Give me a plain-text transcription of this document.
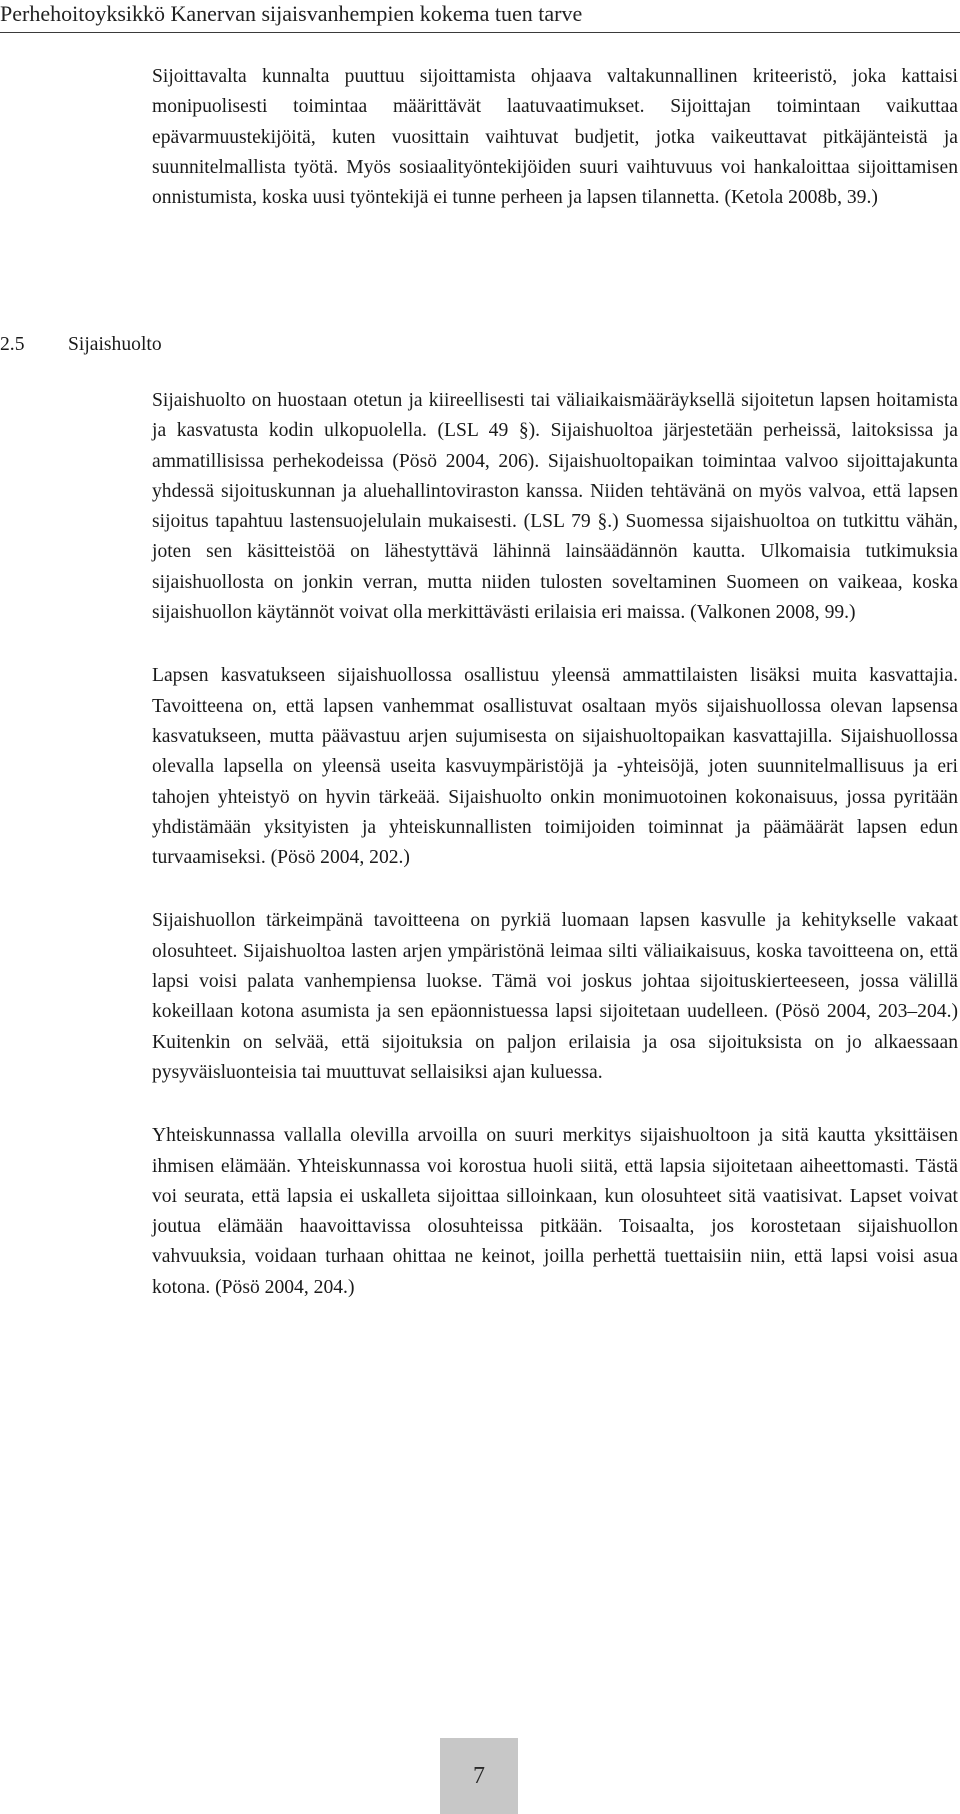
Perhehoitoyksikkö Kanervan sijaisvanhempien kokema tuen tarve

Sijoittavalta kunnalta puuttuu sijoittamista ohjaava valtakunnallinen kriteeristö, joka kattaisi monipuolisesti toimintaa määrittävät laatuvaatimukset. Sijoittajan toimintaan vaikuttaa epävarmuustekijöitä, kuten vuosittain vaihtuvat budjetit, jotka vaikeuttavat pitkäjänteistä ja suunnitelmallista työtä. Myös sosiaalityöntekijöiden suuri vaihtuvuus voi hankaloittaa sijoittamisen onnistumista, koska uusi työntekijä ei tunne perheen ja lapsen tilannetta. (Ketola 2008b, 39.)

2.5 Sijaishuolto

Sijaishuolto on huostaan otetun ja kiireellisesti tai väliaikaismääräyksellä sijoitetun lapsen hoitamista ja kasvatusta kodin ulkopuolella. (LSL 49 §). Sijaishuoltoa järjestetään perheissä, laitoksissa ja ammatillisissa perhekodeissa (Pösö 2004, 206). Sijaishuoltopaikan toimintaa valvoo sijoittajakunta yhdessä sijoituskunnan ja aluehallintoviraston kanssa. Niiden tehtävänä on myös valvoa, että lapsen sijoitus tapahtuu lastensuojelulain mukaisesti. (LSL 79 §.) Suomessa sijaishuoltoa on tutkittu vähän, joten sen käsitteistöä on lähestyttävä lähinnä lainsäädännön kautta. Ulkomaisia tutkimuksia sijaishuollosta on jonkin verran, mutta niiden tulosten soveltaminen Suomeen on vaikeaa, koska sijaishuollon käytännöt voivat olla merkittävästi erilaisia eri maissa. (Valkonen 2008, 99.)

Lapsen kasvatukseen sijaishuollossa osallistuu yleensä ammattilaisten lisäksi muita kasvattajia. Tavoitteena on, että lapsen vanhemmat osallistuvat osaltaan myös sijaishuollossa olevan lapsensa kasvatukseen, mutta päävastuu arjen sujumisesta on sijaishuoltopaikan kasvattajilla. Sijaishuollossa olevalla lapsella on yleensä useita kasvuympäristöjä ja -yhteisöjä, joten suunnitelmallisuus ja eri tahojen yhteistyö on hyvin tärkeää. Sijaishuolto onkin monimuotoinen kokonaisuus, jossa pyritään yhdistämään yksityisten ja yhteiskunnallisten toimijoiden toiminnat ja päämäärät lapsen edun turvaamiseksi. (Pösö 2004, 202.)

Sijaishuollon tärkeimpänä tavoitteena on pyrkiä luomaan lapsen kasvulle ja kehitykselle vakaat olosuhteet. Sijaishuoltoa lasten arjen ympäristönä leimaa silti väliaikaisuus, koska tavoitteena on, että lapsi voisi palata vanhempiensa luokse. Tämä voi joskus johtaa sijoituskierteeseen, jossa välillä kokeillaan kotona asumista ja sen epäonnistuessa lapsi sijoitetaan uudelleen. (Pösö 2004, 203–204.) Kuitenkin on selvää, että sijoituksia on paljon erilaisia ja osa sijoituksista on jo alkaessaan pysyväisluonteisia tai muuttuvat sellaisiksi ajan kuluessa.

Yhteiskunnassa vallalla olevilla arvoilla on suuri merkitys sijaishuoltoon ja sitä kautta yksittäisen ihmisen elämään. Yhteiskunnassa voi korostua huoli siitä, että lapsia sijoitetaan aiheettomasti. Tästä voi seurata, että lapsia ei uskalleta sijoittaa silloinkaan, kun olosuhteet sitä vaatisivat. Lapset voivat joutua elämään haavoittavissa olosuhteissa pitkään. Toisaalta, jos korostetaan sijaishuollon vahvuuksia, voidaan turhaan ohittaa ne keinot, joilla perhettä tuettaisiin niin, että lapsi voisi asua kotona. (Pösö 2004, 204.)

7
